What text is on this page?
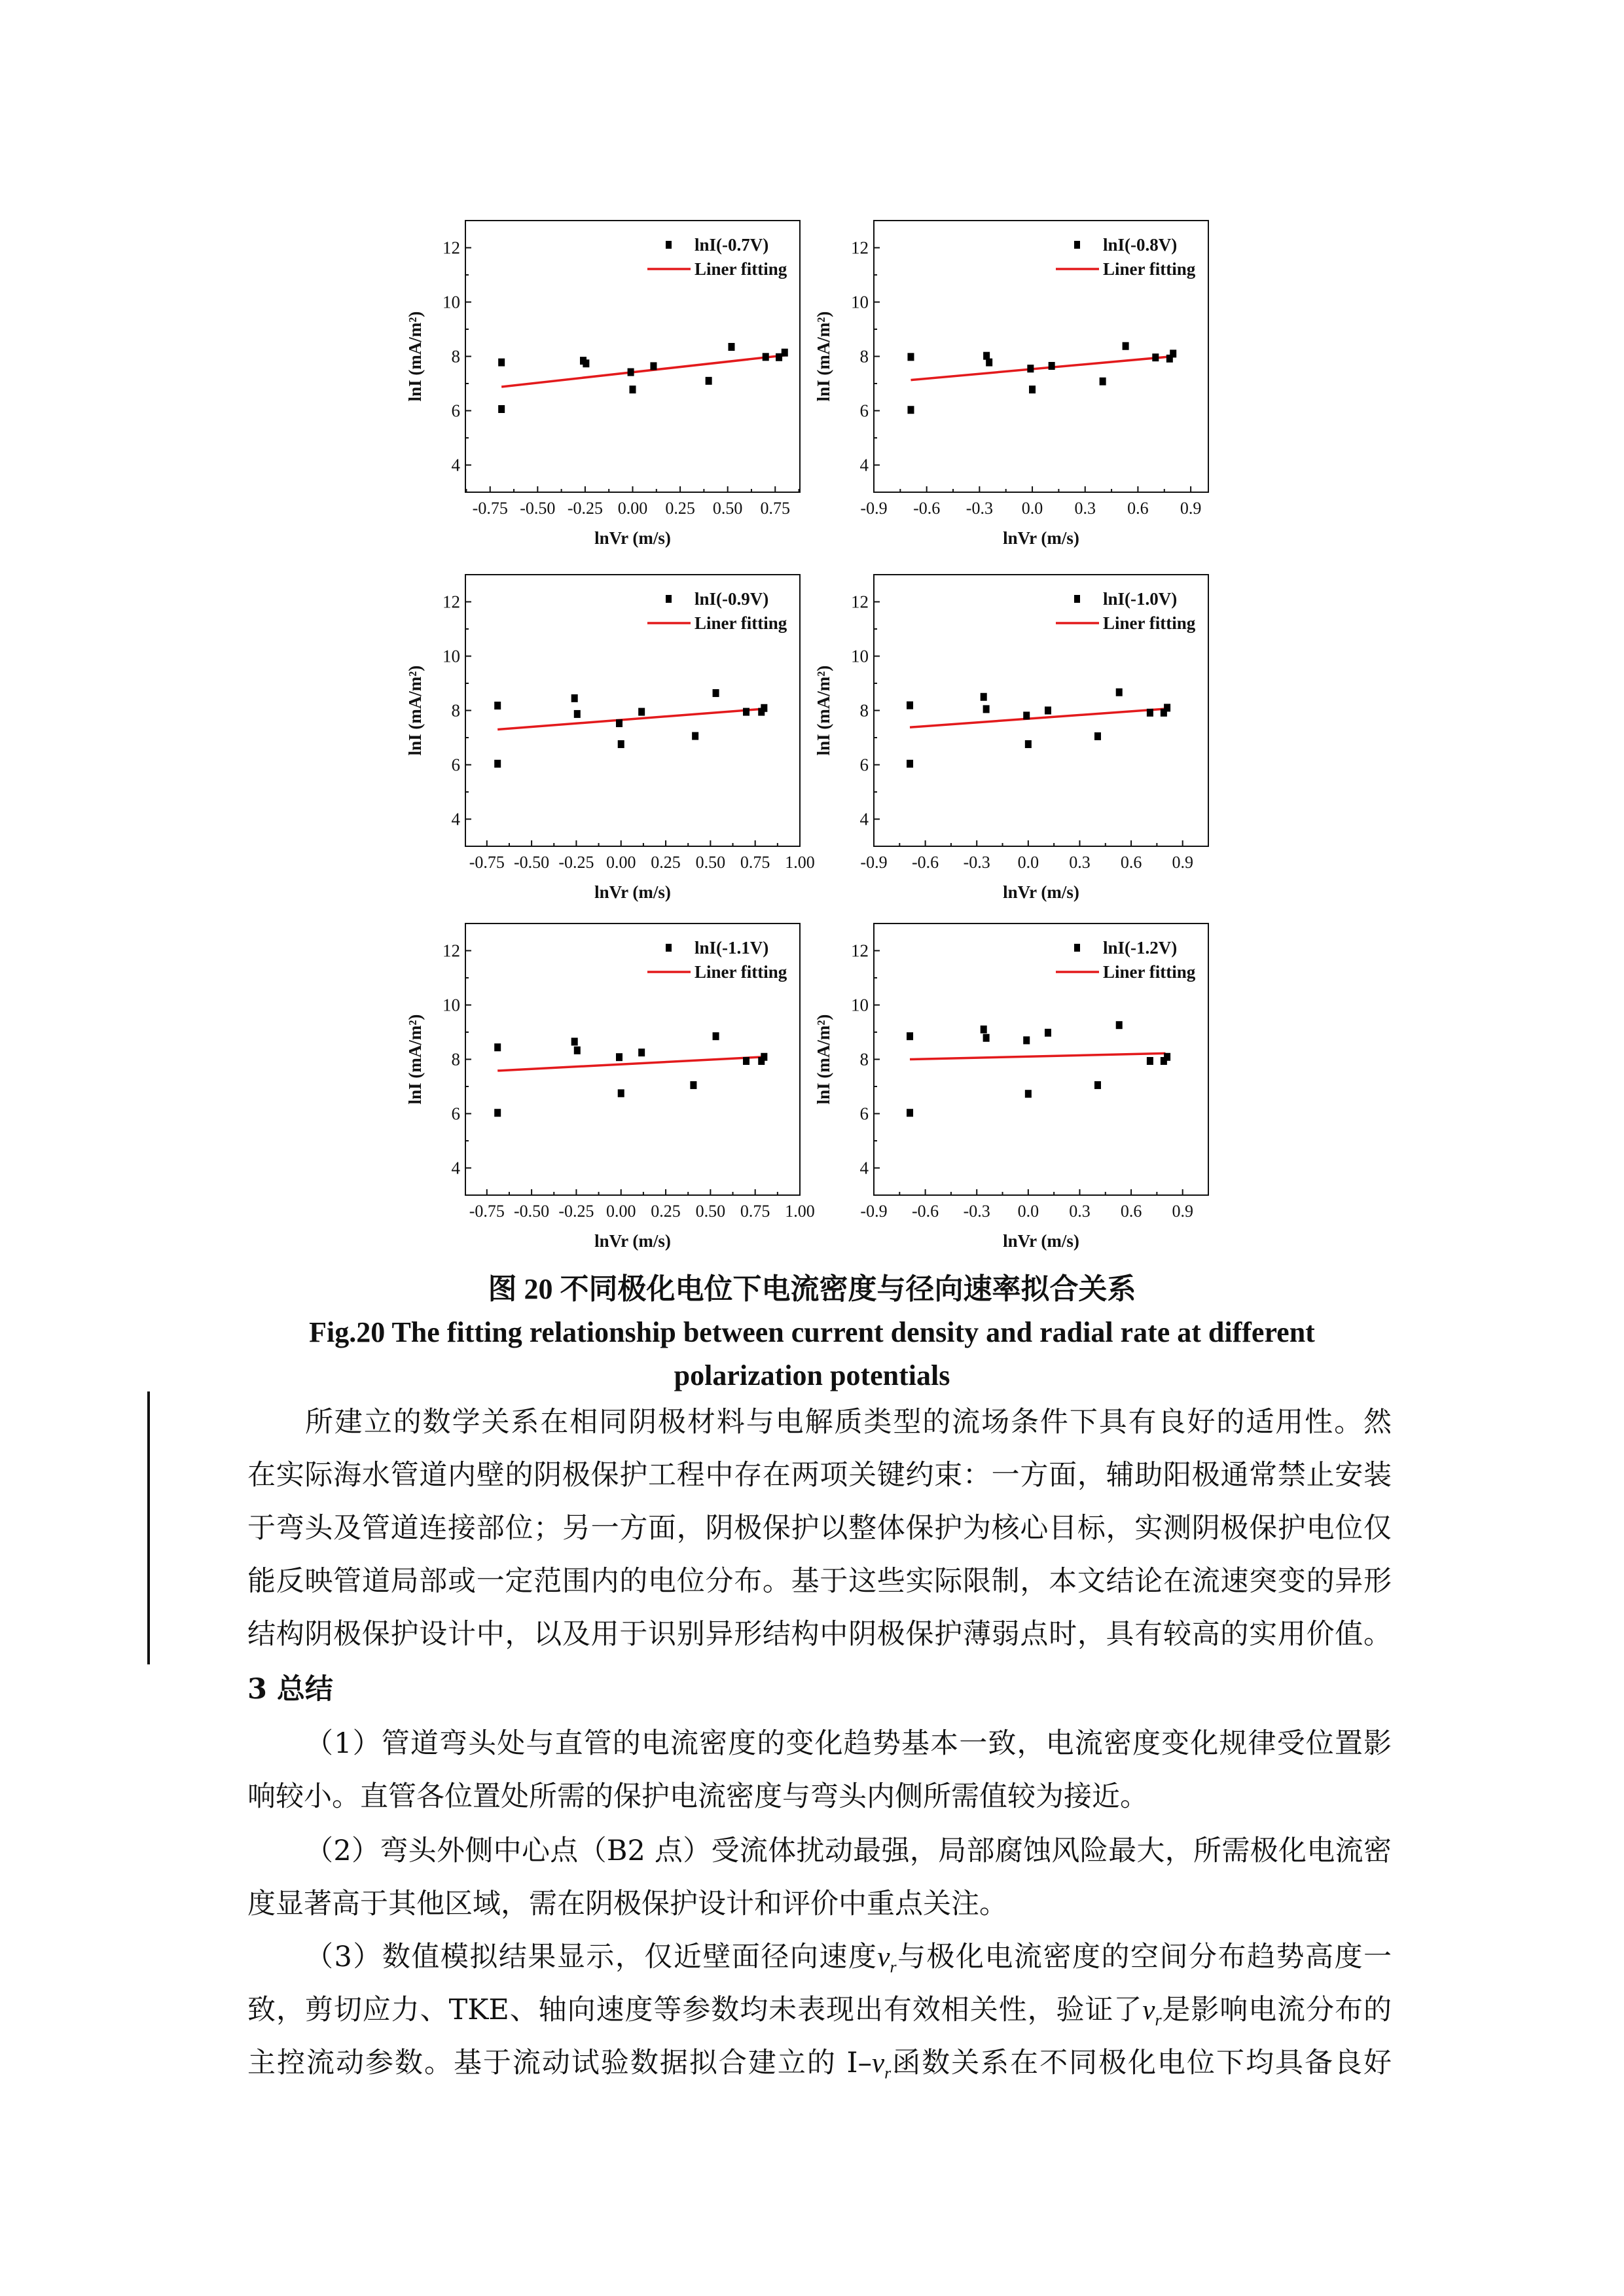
4
6
8
10
12
-0.75 -0.50 -0.25 0.00 0.25 0.50 0.75
lnVr (m/s)
lnI (mA/m²)
lnI(-0.7V)
Liner fitting
4
6
8
10
12
-0.9 -0.6 -0.3 0.0 0.3 0.6 0.9
lnVr (m/s)
lnI (mA/m²)
lnI(-0.8V)
Liner fitting
4
6
8
10
12
-0.75 -0.50 -0.25 0.00 0.25 0.50 0.75 1.00
lnVr (m/s)
lnI (mA/m²)
lnI(-0.9V)
Liner fitting
4
6
8
10
12
-0.9 -0.6 -0.3 0.0 0.3 0.6 0.9
lnVr (m/s)
lnI (mA/m²)
lnI(-1.0V)
Liner fitting
4
6
8
10
12
-0.75 -0.50 -0.25 0.00 0.25 0.50 0.75 1.00
lnVr (m/s)
lnI (mA/m²)
lnI(-1.1V)
Liner fitting
4
6
8
10
12
-0.9 -0.6 -0.3 0.0 0.3 0.6 0.9
lnVr (m/s)
lnI (mA/m²)
lnI(-1.2V)
Liner fitting
图 20 不同极化电位下电流密度与径向速率拟合关系
Fig.20 The fitting relationship between current density and radial rate at different
polarization potentials
所建立的数学关系在相同阴极材料与电解质类型的流场条件下具有良好的适用性。然
在实际海水管道内壁的阴极保护工程中存在两项关键约束：一方面，辅助阳极通常禁止安装
于弯头及管道连接部位；另一方面，阴极保护以整体保护为核心目标，实测阴极保护电位仅
能反映管道局部或一定范围内的电位分布。基于这些实际限制，本文结论在流速突变的异形
结构阴极保护设计中，以及用于识别异形结构中阴极保护薄弱点时，具有较高的实用价值。
（1）管道弯头处与直管的电流密度的变化趋势基本一致，电流密度变化规律受位置影
响较小。直管各位置处所需的保护电流密度与弯头内侧所需值较为接近。
（2）弯头外侧中心点（B2 点）受流体扰动最强，局部腐蚀风险最大，所需极化电流密
度显著高于其他区域，需在阴极保护设计和评价中重点关注。
（3）数值模拟结果显示，仅近壁面径向速度$v_r$与极化电流密度的空间分布趋势高度一
致，剪切应力、TKE、轴向速度等参数均未表现出有效相关性，验证了$v_r$是影响电流分布的
主控流动参数。基于流动试验数据拟合建立的 $I-v_r$函数关系在不同极化电位下均具备良好
3 总结
